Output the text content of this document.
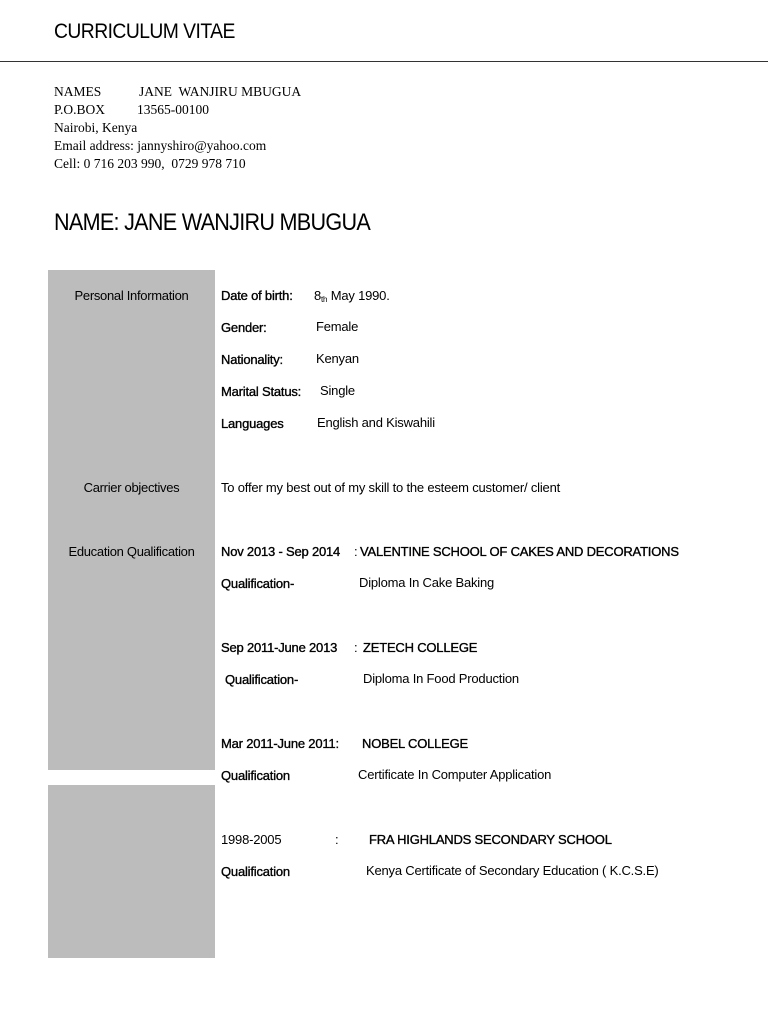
CURRICULUM VITAE
NAMES	JANE  WANJIRU MBUGUA
P.O.BOX 13565-00100
Nairobi, Kenya
Email address: jannyshiro@yahoo.com
Cell: 0 716 203 990,  0729 978 710
NAME: JANE WANJIRU MBUGUA
Personal Information	Date of birth: $8_{th}$ May 1990.
Gender:	Female
Nationality:	Kenyan
Marital Status: Single
Languages	English and Kiswahili
Carrier objectives	To offer my best out of my skill to the esteem customer/ client
Education Qualification	Nov 2013 - Sep 2014 : VALENTINE SCHOOL OF CAKES AND DECORATIONS
Qualification-	Diploma In Cake Baking
Sep 2011-June 2013 : ZETECH COLLEGE
Qualification-	Diploma In Food Production
Mar 2011-June 2011: NOBEL COLLEGE
Qualification	Certificate In Computer Application
1998-2005	: FRA HIGHLANDS SECONDARY SCHOOL
Qualification	Kenya Certificate of Secondary Education ( K.C.S.E)
